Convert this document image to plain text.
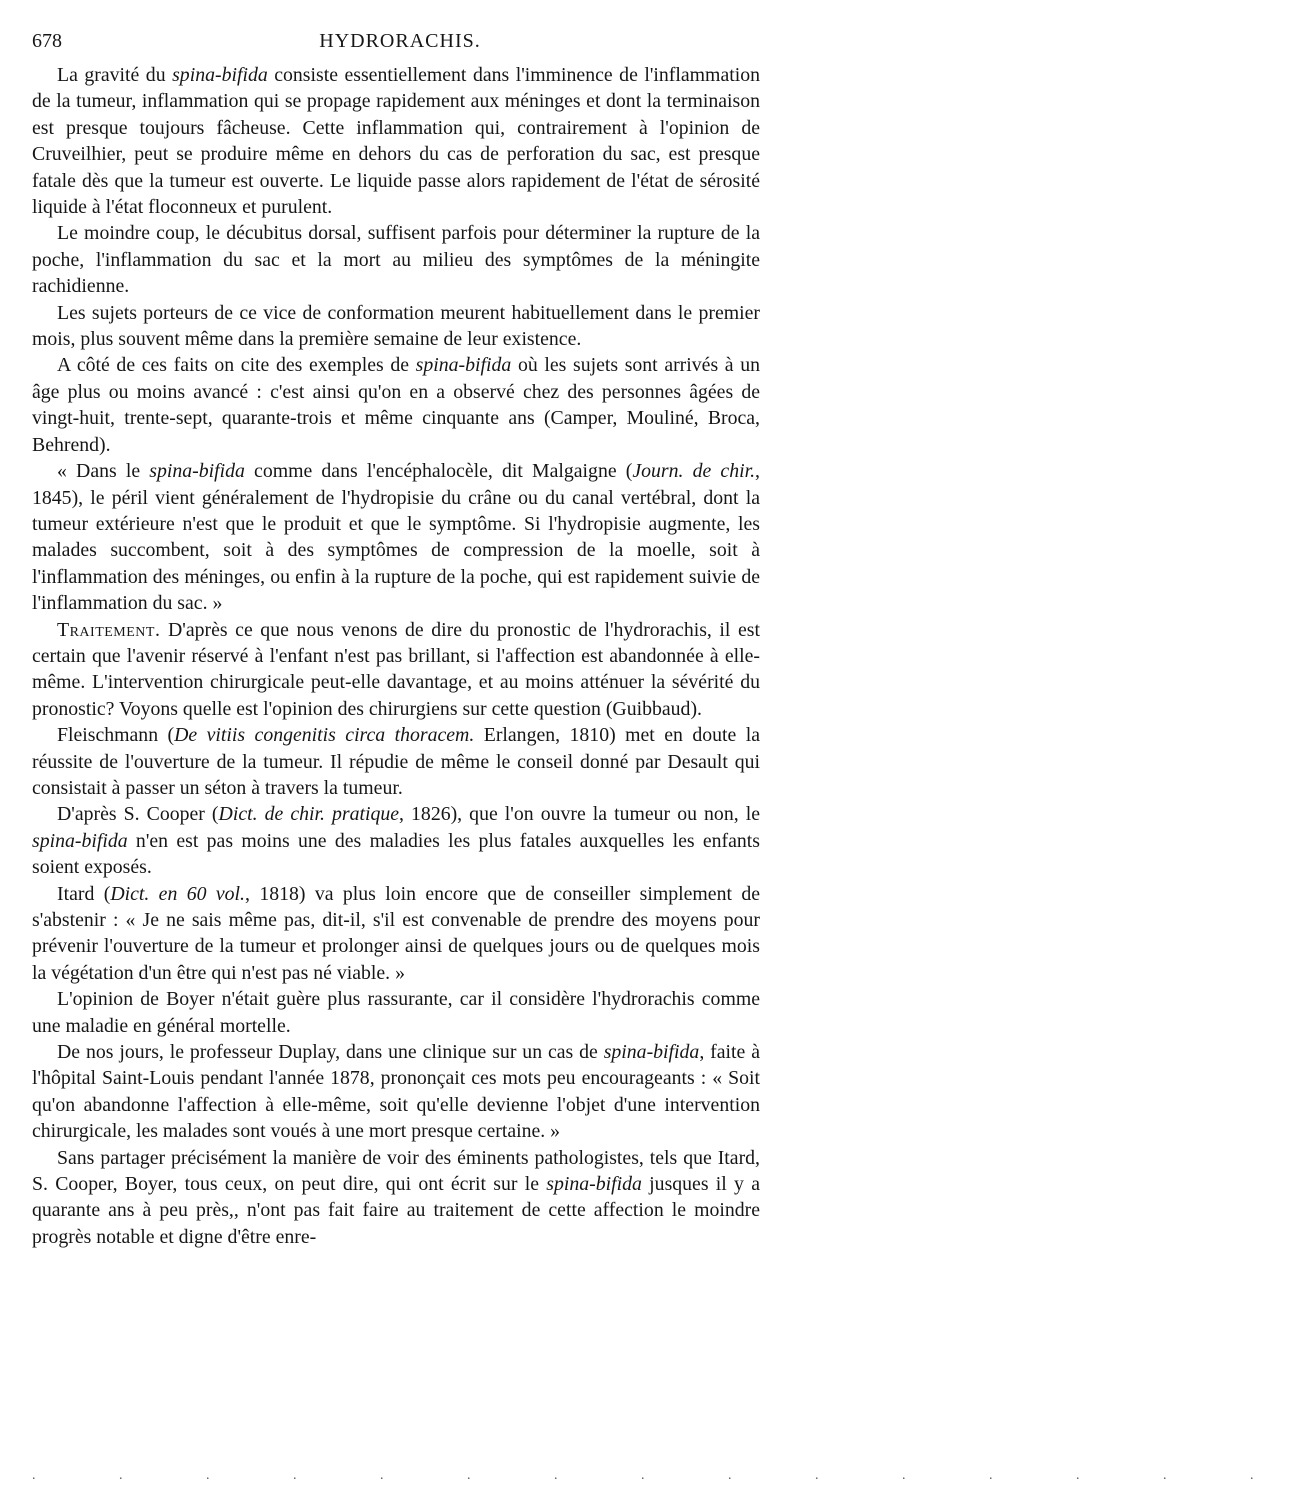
678	HYDRORACHIS.

La gravité du spina-bifida consiste essentiellement dans l'imminence de l'inflammation de la tumeur, inflammation qui se propage rapidement aux méninges et dont la terminaison est presque toujours fâcheuse. Cette inflammation qui, contrairement à l'opinion de Cruveilhier, peut se produire même en dehors du cas de perforation du sac, est presque fatale dès que la tumeur est ouverte. Le liquide passe alors rapidement de l'état de sérosité liquide à l'état floconneux et purulent.

Le moindre coup, le décubitus dorsal, suffisent parfois pour déterminer la rupture de la poche, l'inflammation du sac et la mort au milieu des symptômes de la méningite rachidienne.

Les sujets porteurs de ce vice de conformation meurent habituellement dans le premier mois, plus souvent même dans la première semaine de leur existence.

A côté de ces faits on cite des exemples de spina-bifida où les sujets sont arrivés à un âge plus ou moins avancé : c'est ainsi qu'on en a observé chez des personnes âgées de vingt-huit, trente-sept, quarante-trois et même cinquante ans (Camper, Mouliné, Broca, Behrend).

« Dans le spina-bifida comme dans l'encéphalocèle, dit Malgaigne (Journ. de chir., 1845), le péril vient généralement de l'hydropisie du crâne ou du canal vertébral, dont la tumeur extérieure n'est que le produit et que le symptôme. Si l'hydropisie augmente, les malades succombent, soit à des symptômes de compression de la moelle, soit à l'inflammation des méninges, ou enfin à la rupture de la poche, qui est rapidement suivie de l'inflammation du sac. »

Traitement. D'après ce que nous venons de dire du pronostic de l'hydrorachis, il est certain que l'avenir réservé à l'enfant n'est pas brillant, si l'affection est abandonnée à elle-même. L'intervention chirurgicale peut-elle davantage, et au moins atténuer la sévérité du pronostic? Voyons quelle est l'opinion des chirurgiens sur cette question (Guibbaud).

Fleischmann (De vitiis congenitis circa thoracem. Erlangen, 1810) met en doute la réussite de l'ouverture de la tumeur. Il répudie de même le conseil donné par Desault qui consistait à passer un séton à travers la tumeur.

D'après S. Cooper (Dict. de chir. pratique, 1826), que l'on ouvre la tumeur ou non, le spina-bifida n'en est pas moins une des maladies les plus fatales auxquelles les enfants soient exposés.

Itard (Dict. en 60 vol., 1818) va plus loin encore que de conseiller simplement de s'abstenir : « Je ne sais même pas, dit-il, s'il est convenable de prendre des moyens pour prévenir l'ouverture de la tumeur et prolonger ainsi de quelques jours ou de quelques mois la végétation d'un être qui n'est pas né viable. »

L'opinion de Boyer n'était guère plus rassurante, car il considère l'hydrorachis comme une maladie en général mortelle.

De nos jours, le professeur Duplay, dans une clinique sur un cas de spina-bifida, faite à l'hôpital Saint-Louis pendant l'année 1878, prononçait ces mots peu encourageants : « Soit qu'on abandonne l'affection à elle-même, soit qu'elle devienne l'objet d'une intervention chirurgicale, les malades sont voués à une mort presque certaine. »

Sans partager précisément la manière de voir des éminents pathologistes, tels que Itard, S. Cooper, Boyer, tous ceux, on peut dire, qui ont écrit sur le spina-bifida jusques il y a quarante ans à peu près,, n'ont pas fait faire au traitement de cette affection le moindre progrès notable et digne d'être enre-

. . . . . . . . . . . . . . .
